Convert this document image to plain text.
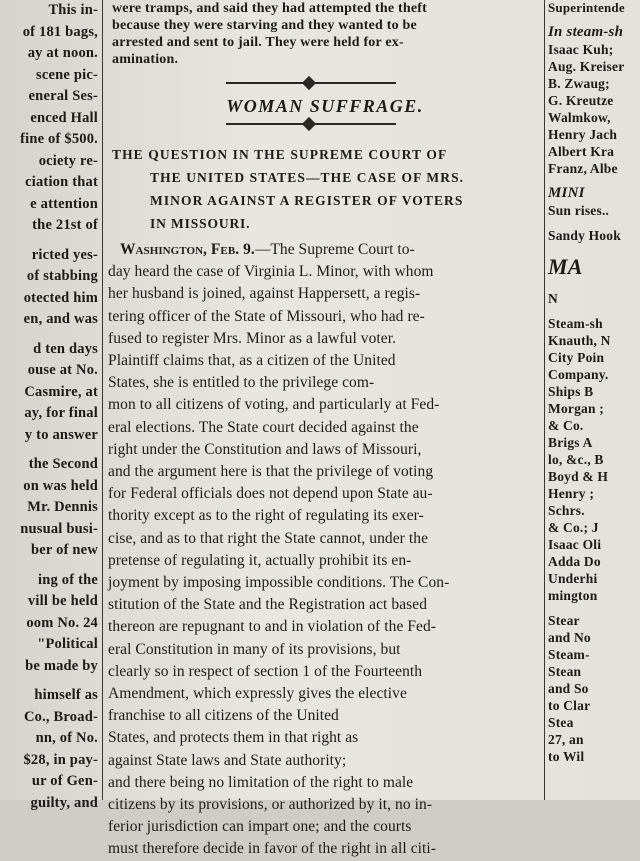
This in-
of 181 bags,
ay at noon.
scene pic-
eneral Ses-
enced Hall
fine of $500.
ociety re-
ciation that
e attention
the 21st of
ricted yes-
of stabbing
otected him
en, and was
d ten days
ouse at No.
Casmire, at
ay, for final
y to answer
the Second
on was held
Mr. Dennis
nusual busi-
ber of new
ing of the
vill be held
oom No. 24
"Political
be made by
himself as
Co., Broad-
nn, of No.
$28, in pay-
ur of Gen-
guilty, and
were tramps, and said they had attempted the theft
because they were starving and they wanted to be
arrested and sent to jail. They were held for ex-
amination.
WOMAN SUFFRAGE.
THE QUESTION IN THE SUPREME COURT OF
THE UNITED STATES—THE CASE OF MRS.
MINOR AGAINST A REGISTER OF VOTERS
IN MISSOURI.
Washington, Feb. 9.—The Supreme Court to-
day heard the case of Virginia L. Minor, with whom
her husband is joined, against Happersett, a regis-
tering officer of the State of Missouri, who had re-
fused to register Mrs. Minor as a lawful voter.
Plaintiff claims that, as a citizen of the United
States, she is entitled to the privilege com-
mon to all citizens of voting, and particularly at Fed-
eral elections. The State court decided against the
right under the Constitution and laws of Missouri,
and the argument here is that the privilege of voting
for Federal officials does not depend upon State au-
thority except as to the right of regulating its exer-
cise, and as to that right the State cannot, under the
pretense of regulating it, actually prohibit its en-
joyment by imposing impossible conditions. The Con-
stitution of the State and the Registration act based
thereon are repugnant to and in violation of the Fed-
eral Constitution in many of its provisions, but
clearly so in respect of section 1 of the Fourteenth
Amendment, which expressly gives the elective
franchise to all citizens of the United
States, and protects them in that right as
against State laws and State authority;
and there being no limitation of the right to male
citizens by its provisions, or authorized by it, no in-
ferior jurisdiction can impart one; and the courts
must therefore decide in favor of the right in all citi-
Superintende
In steam-sh
Isaac Kuh;
Aug. Kreiser
B. Zwaug;
G. Kreutze
Walmkow,
Henry Jach
Albert Kra
Franz, Albe
MINI
Sun rises..
Sandy Hook
MA
N
Steam-sh
Knauth, N
City Poin
Company.
Ships B
Morgan ;
& Co.
Brigs A
lo, &c., B
Boyd & H
Henry ;
Schrs.
& Co.; J
Isaac Oli
Adda Do
Underhi
mington
Stear
and No
Steam-
Stean
and So
to Clar
Stea
27, an
to Wil
